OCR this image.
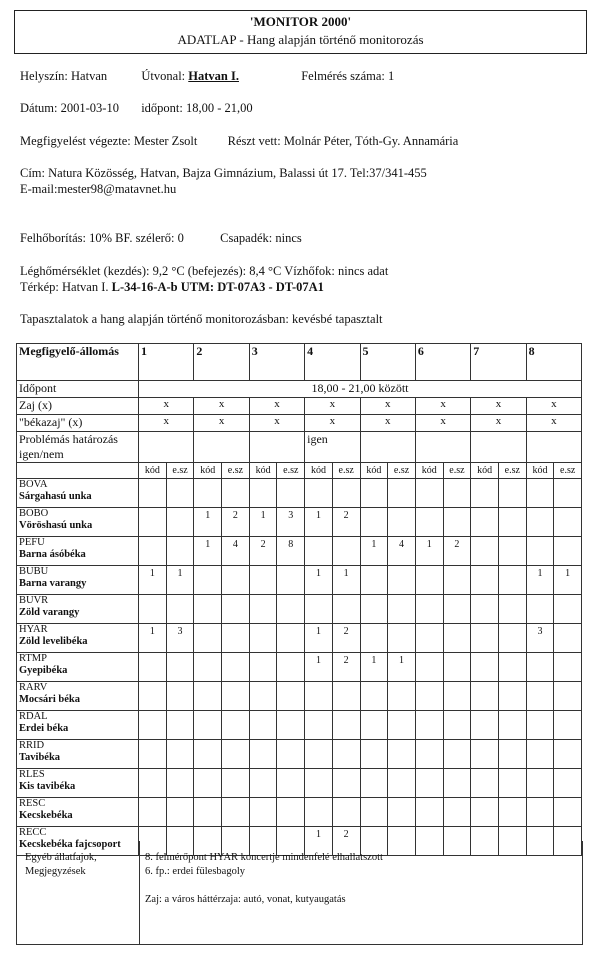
'MONITOR 2000'
ADATLAP - Hang alapján történő monitorozás
Helyszín: Hatvan	Útvonal: Hatvan I.	Felmérés száma: 1
Dátum: 2001-03-10 időpont: 18,00 - 21,00
Megfigyelést végezte: Mester Zsolt Részt vett: Molnár Péter, Tóth-Gy. Annamária
Cím: Natura Közösség, Hatvan, Bajza Gimnázium, Balassi út 17. Tel:37/341-455
E-mail:mester98@matavnet.hu
Felhőborítás: 10% BF. szélerő: 0	Csapadék: nincs
Léghőmérséklet (kezdés): 9,2 °C (befejezés): 8,4 °C Vízhőfok: nincs adat
Térkép: Hatvan I. L-34-16-A-b UTM: DT-07A3 - DT-07A1
Tapasztalatok a hang alapján történő monitorozásban: kevésbé tapasztalt
Megfigyelő-állomás	1		2		3		4		5		6		7		8	
Időpont	18,00 - 21,00 között															
Zaj (x)	x		x		x		x		x		x		x		x	
"békazaj" (x)	x		x		x		x		x		x		x		x	
Problémás határozás igen/nem							igen									
	kód	e.sz	kód	e.sz	kód	e.sz	kód	e.sz	kód	e.sz	kód	e.sz	kód	e.sz	kód	e.sz

BOVA
Sárgahasú unka																

BOBO
Vöröshasú unka			1	2	1	3	1	2								

PEFU
Barna ásóbéka			1	4	2	8			1	4	1	2				

BUBU
Barna varangy	1	1					1	1							1	1

BUVR
Zöld varangy																

HYAR
Zöld levelibéka	1	3					1	2							3	

RTMP
Gyepibéka							1	2	1	1						

RARV
Mocsári béka																

RDAL
Erdei béka																

RRID
Tavibéka																

RLES
Kis tavibéka																

RESC
Kecskebéka																

RECC
Kecskebéka fajcsoport							1	2								
Egyéb állatfajok,
Megjegyzések
8. felmérőpont HYAR koncertje mindenfelé elhallatszott
6. fp.: erdei fülesbagoly
Zaj: a város háttérzaja: autó, vonat, kutyaugatás
